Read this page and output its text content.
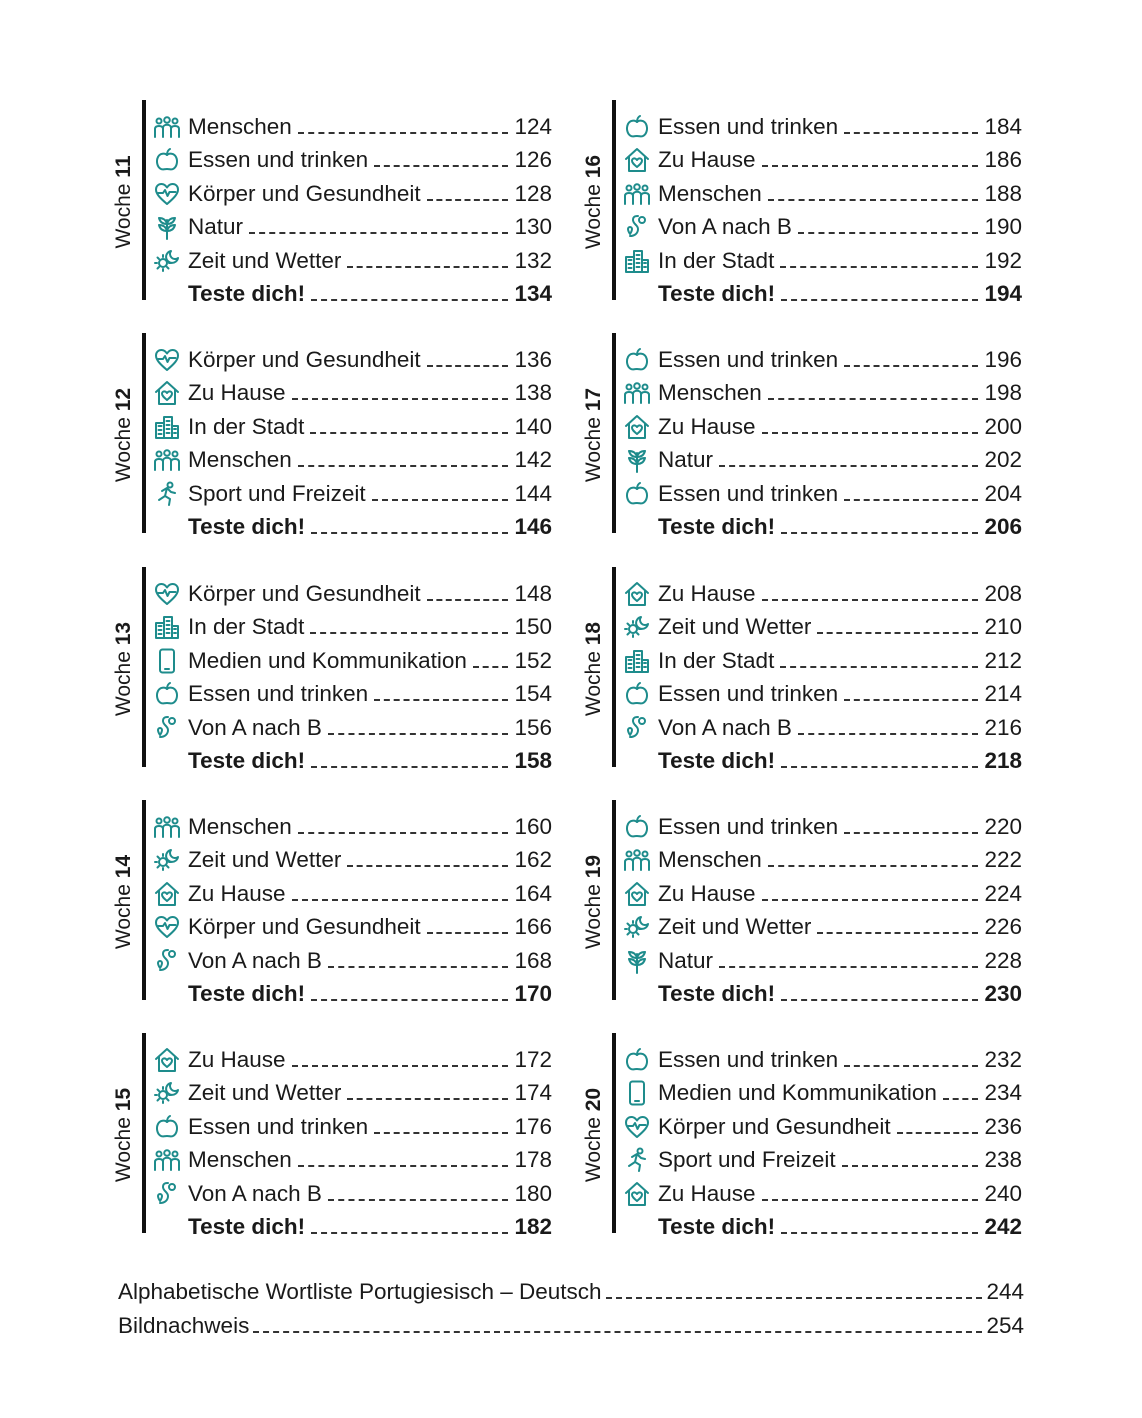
Woche 11
Menschen	124
Essen und trinken	126
Körper und Gesundheit	128
Natur	130
Zeit und Wetter	132
Teste dich!	134
Woche 12
Körper und Gesundheit	136
Zu Hause	138
In der Stadt	140
Menschen	142
Sport und Freizeit	144
Teste dich!	146
Woche 13
Körper und Gesundheit	148
In der Stadt	150
Medien und Kommunikation 152
Essen und trinken	154
Von A nach B	156
Teste dich!	158
Woche 14
Menschen	160
Zeit und Wetter	162
Zu Hause	164
Körper und Gesundheit	166
Von A nach B	168
Teste dich!	170
Woche 15
Zu Hause	172
Zeit und Wetter	174
Essen und trinken	176
Menschen	178
Von A nach B	180
Teste dich!	182
Woche 16
Essen und trinken	184
Zu Hause	186
Menschen	188
Von A nach B	190
In der Stadt	192
Teste dich!	194
Woche 17
Essen und trinken	196
Menschen	198
Zu Hause	200
Natur	202
Essen und trinken	204
Teste dich!	206
Woche 18
Zu Hause	208
Zeit und Wetter	210
In der Stadt	212
Essen und trinken	214
Von A nach B	216
Teste dich!	218
Woche 19
Essen und trinken	220
Menschen	222
Zu Hause	224
Zeit und Wetter	226
Natur	228
Teste dich!	230
Woche 20
Essen und trinken	232
Medien und Kommunikation 234
Körper und Gesundheit	236
Sport und Freizeit	238
Zu Hause	240
Teste dich!	242
Alphabetische Wortliste Portugiesisch – Deutsch	244
Bildnachweis	254
